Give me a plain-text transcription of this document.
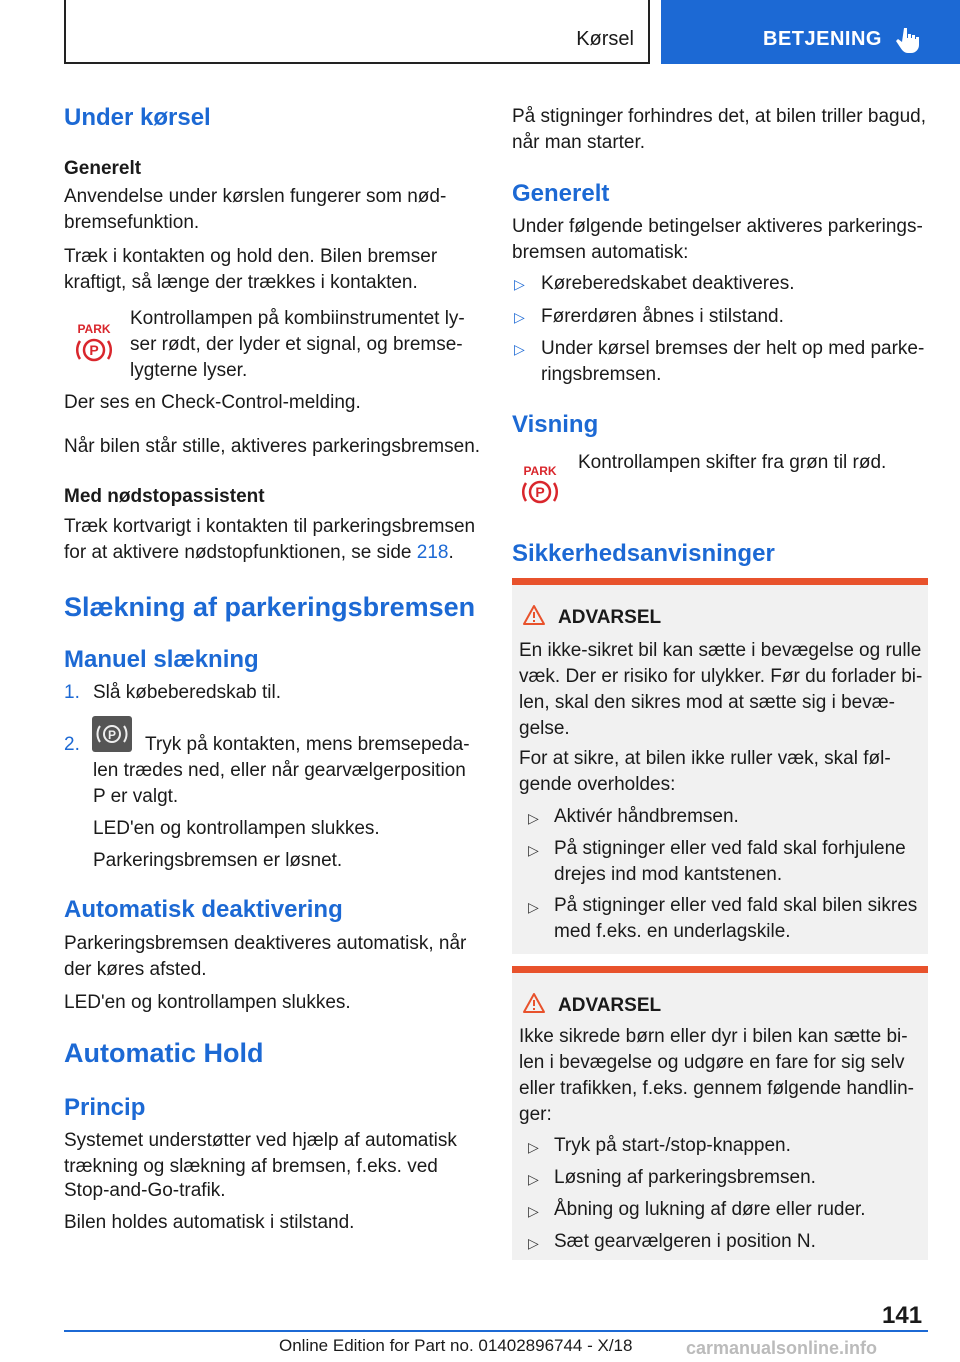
Kørsel	BETJENING
Under kørsel
Generelt

Anvendelse under kørslen fungerer som nød-

bremsefunktion.

Træk i kontakten og hold den. Bilen bremser

kraftigt, så længe der trækkes i kontakten.

PARK
P

Kontrollampen på kombiinstrumentet ly-

ser rødt, der lyder et signal, og bremse-

lygterne lyser.

Der ses en Check-Control-melding.

Når bilen står stille, aktiveres parkeringsbremsen.

Med nødstopassistent

Træk kortvarigt i kontakten til parkeringsbremsen

for at aktivere nødstopfunktionen, se side 218.

Slækning af parkeringsbremsen
Manuel slækning
1. Slå købeberedskab til.

2. P Tryk på kontakten, mens bremsepeda-

len trædes ned, eller når gearvælgerposition

P er valgt.

LED'en og kontrollampen slukkes.

Parkeringsbremsen er løsnet.

Automatisk deaktivering

Parkeringsbremsen deaktiveres automatisk, når

der køres afsted.

LED'en og kontrollampen slukkes.

Automatic Hold
Princip

Systemet understøtter ved hjælp af automatisk

trækning og slækning af bremsen, f.eks. ved

Stop-and-Go-trafik.

Bilen holdes automatisk i stilstand.

På stigninger forhindres det, at bilen triller bagud,

når man starter.

Generelt

Under følgende betingelser aktiveres parkerings-

bremsen automatisk:

▷ Køreberedskabet deaktiveres.

▷ Førerdøren åbnes i stilstand.

▷ Under kørsel bremses der helt op med parke-

ringsbremsen.

Visning
PARK
P

Kontrollampen skifter fra grøn til rød.

Sikkerhedsanvisninger
ADVARSEL

En ikke-sikret bil kan sætte i bevægelse og rulle

væk. Der er risiko for ulykker. Før du forlader bi-

len, skal den sikres mod at sætte sig i bevæ-

gelse.

For at sikre, at bilen ikke ruller væk, skal føl-

gende overholdes:

▷ Aktivér håndbremsen.

▷ På stigninger eller ved fald skal forhjulene

drejes ind mod kantstenen.

▷ På stigninger eller ved fald skal bilen sikres

med f.eks. en underlagskile.

ADVARSEL

Ikke sikrede børn eller dyr i bilen kan sætte bi-

len i bevægelse og udgøre en fare for sig selv

eller trafikken, f.eks. gennem følgende handlin-

ger:

▷ Tryk på start-/stop-knappen.

▷ Løsning af parkeringsbremsen.

▷ Åbning og lukning af døre eller ruder.

▷ Sæt gearvælgeren i position N.

141
Online Edition for Part no. 01402896744 - X/18	carmanualsonline.info
